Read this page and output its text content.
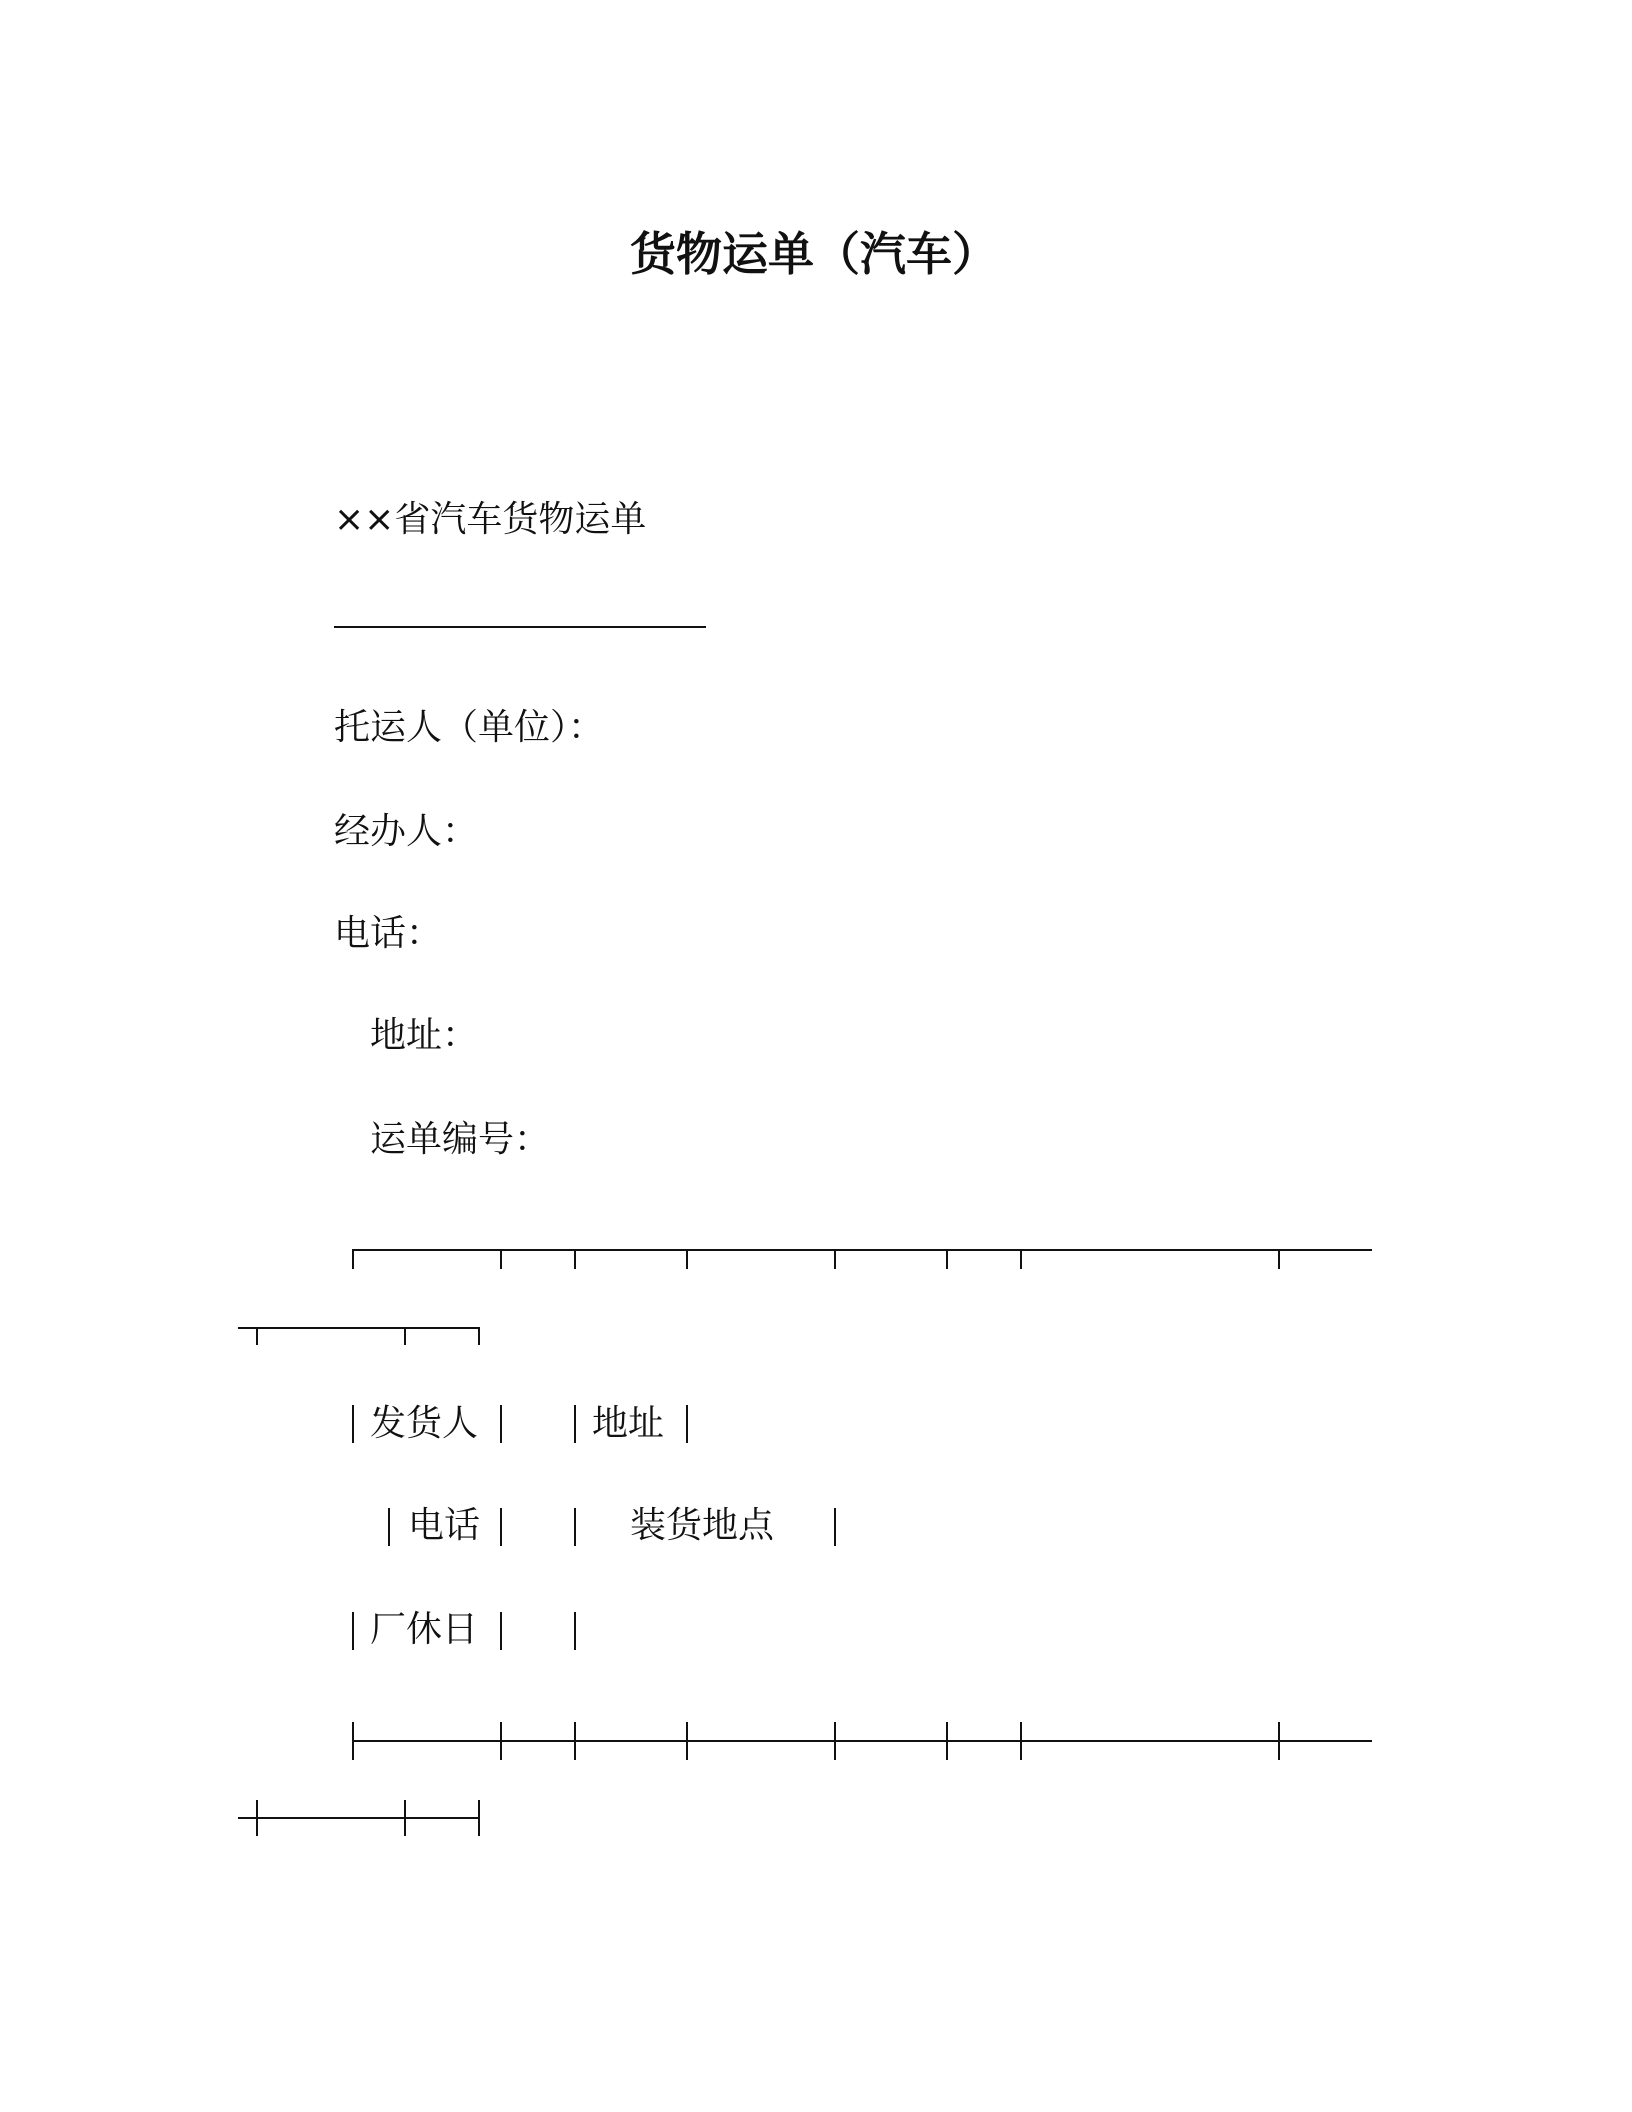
货物运单（汽车）
××省汽车货物运单
托运人（单位）：
经办人：
电话：
地址：
运单编号：
发货人	地址
电话	装货地点
厂休日
